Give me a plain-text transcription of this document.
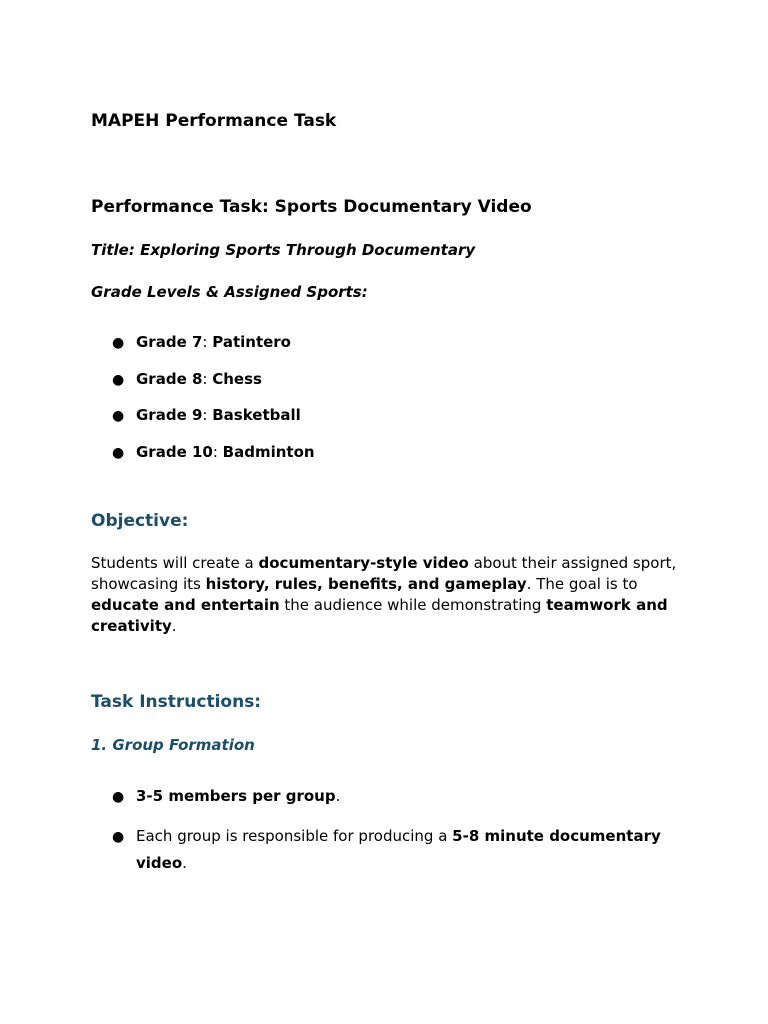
MAPEH Performance Task
Performance Task: Sports Documentary Video
Title: Exploring Sports Through Documentary
Grade Levels & Assigned Sports:
● Grade 7: Patintero
● Grade 8: Chess
● Grade 9: Basketball
● Grade 10: Badminton
Objective:

Students will create a documentary-style video about their assigned sport, showcasing its history, rules, benefits, and gameplay. The goal is to educate and entertain the audience while demonstrating teamwork and creativity.

Task Instructions:
1. Group Formation
● 3-5 members per group.
● Each group is responsible for producing a 5-8 minute documentary video.
